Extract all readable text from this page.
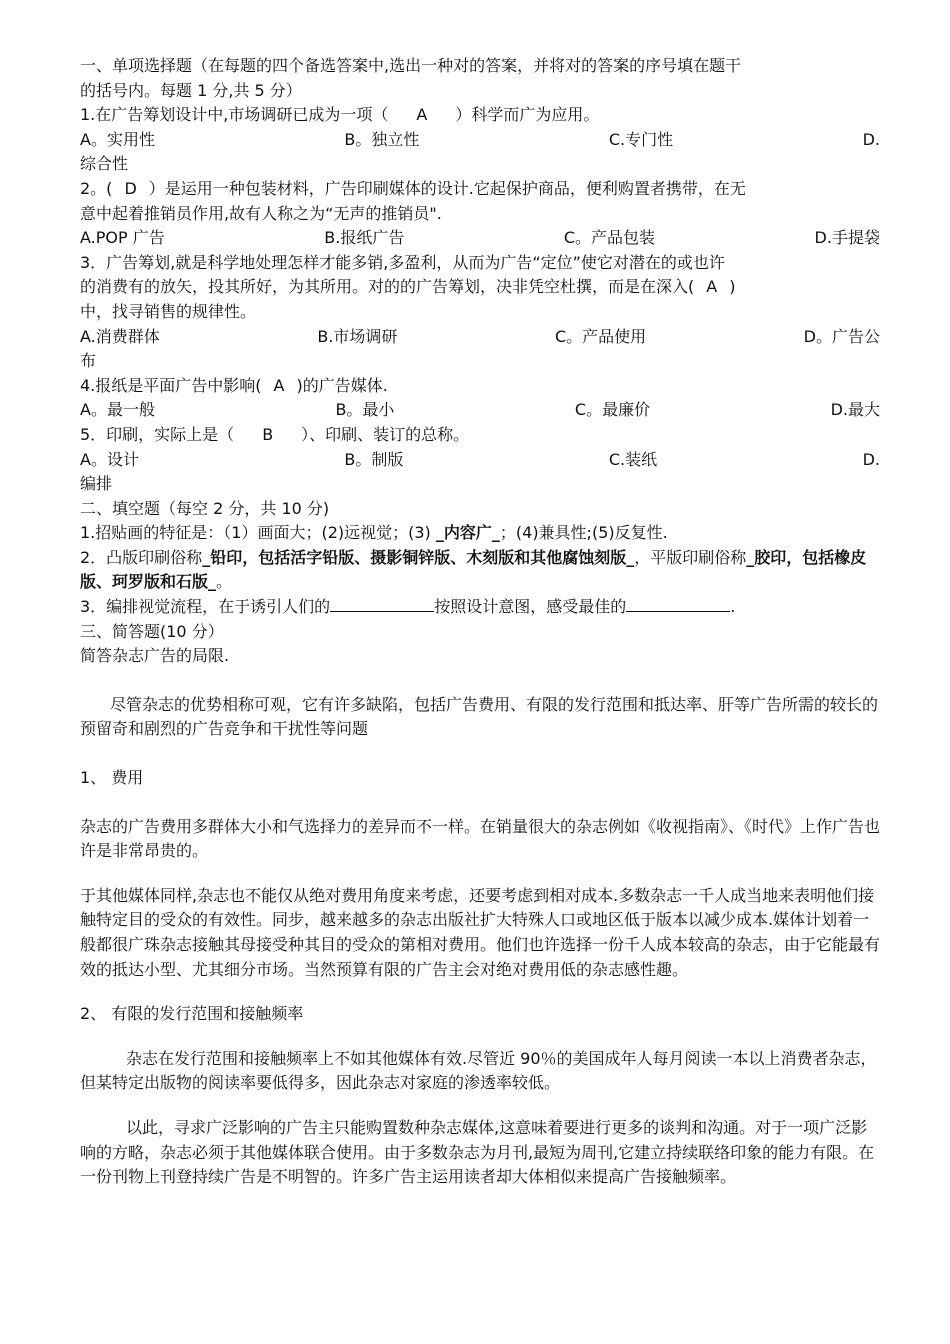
一、单项选择题（在每题的四个备选答案中,选出一种对的答案，并将对的答案的序号填在题干
的括号内。每题 1 分,共 5 分）
1.在广告筹划设计中,市场调研已成为一项（ A ）科学而广为应用。
A。实用性	B。独立性	C.专门性	D.
综合性
2。( D ）是运用一种包装材料，广告印刷媒体的设计.它起保护商品，便利购置者携带，在无
意中起着推销员作用,故有人称之为“无声的推销员".
A.POP 广告	B.报纸广告	C。产品包装	D.手提袋
3．广告筹划,就是科学地处理怎样才能多销,多盈利，从而为广告“定位”使它对潜在的或也许
的消费有的放矢，投其所好，为其所用。对的的广告筹划，决非凭空杜撰，而是在深入( A )
中，找寻销售的规律性。
A.消费群体	B.市场调研	C。产品使用	D。广告公
布
4.报纸是平面广告中影响( A )的广告媒体.
A。最一般	B。最小	C。最廉价	D.最大
5．印刷，实际上是（ B ）、印刷、装订的总称。
A。设计	B。制版	C.装纸	D.
编排
二、填空题（每空 2 分，共 10 分)
1.招贴画的特征是：（1）画面大；(2)远视觉；(3) _内容广_；(4)兼具性;(5)反复性.
2．凸版印刷俗称_铅印，包括活字铅版、摄影铜锌版、木刻版和其他腐蚀刻版_，平版印刷俗称_胶印，包括橡皮版、珂罗版和石版_。
3．编排视觉流程，在于诱引人们的	按照设计意图，感受最佳的	.
三、简答题(10 分）
简答杂志广告的局限.
尽管杂志的优势相称可观，它有许多缺陷，包括广告费用、有限的发行范围和抵达率、肝等广告所需的较长的预留奇和剧烈的广告竞争和干扰性等问题
1、 费用
杂志的广告费用多群体大小和气选择力的差异而不一样。在销量很大的杂志例如《收视指南》、《时代》上作广告也许是非常昂贵的。
于其他媒体同样,杂志也不能仅从绝对费用角度来考虑，还要考虑到相对成本.多数杂志一千人成当地来表明他们接触特定目的受众的有效性。同步，越来越多的杂志出版社扩大特殊人口或地区低于版本以减少成本.媒体计划着一般都很广珠杂志接触其母接受种其目的受众的第相对费用。他们也许选择一份千人成本较高的杂志，由于它能最有效的抵达小型、尤其细分市场。当然预算有限的广告主会对绝对费用低的杂志感性趣。
2、 有限的发行范围和接触频率
杂志在发行范围和接触频率上不如其他媒体有效.尽管近 90％的美国成年人每月阅读一本以上消费者杂志，但某特定出版物的阅读率要低得多，因此杂志对家庭的渗透率较低。
以此，寻求广泛影响的广告主只能购置数种杂志媒体,这意味着要进行更多的谈判和沟通。对于一项广泛影响的方略，杂志必须于其他媒体联合使用。由于多数杂志为月刊,最短为周刊,它建立持续联络印象的能力有限。在一份刊物上刊登持续广告是不明智的。许多广告主运用读者却大体相似来提高广告接触频率。
